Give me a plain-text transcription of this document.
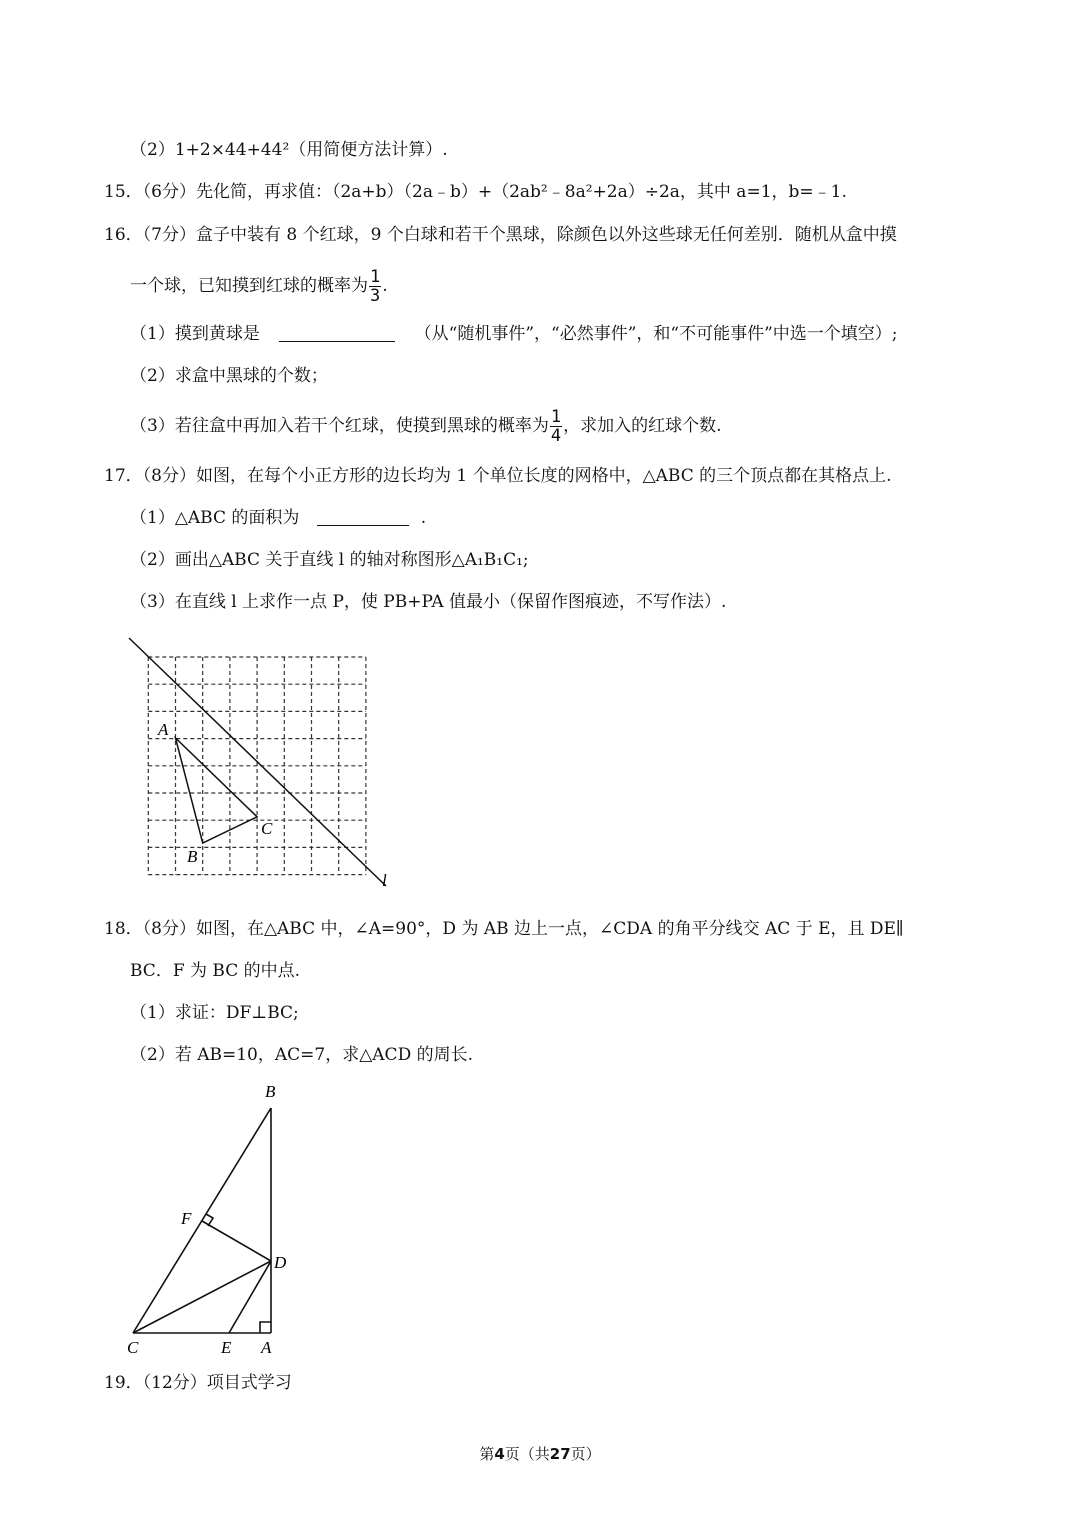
（2）1+2×44+44²（用简便方法计算）.
15．（6分）先化简，再求值：（2a+b）（2a﹣b）+（2ab²﹣8a²+2a）÷2a，其中 a=1，b=﹣1.
16．（7分）盒子中装有 8 个红球，9 个白球和若干个黑球，除颜色以外这些球无任何差别．随机从盒中摸
一个球，已知摸到红球的概率为 $\frac{1}{3}$ .
（1）摸到黄球是	（从“随机事件”，“必然事件”，和“不可能事件”中选一个填空）;
（2）求盒中黑球的个数；
（3）若往盒中再加入若干个红球，使摸到黑球的概率为 $\frac{1}{4}$ ，求加入的红球个数.
17．（8分）如图，在每个小正方形的边长均为 1 个单位长度的网格中，△ABC 的三个顶点都在其格点上.
（1）△ABC 的面积为	.
（2）画出△ABC 关于直线 l 的轴对称图形△A₁B₁C₁;
（3）在直线 l 上求作一点 P，使 PB+PA 值最小（保留作图痕迹，不写作法）.
A
B
C
l
18．（8分）如图，在△ABC 中，∠A=90°，D 为 AB 边上一点，∠CDA 的角平分线交 AC 于 E，且 DE∥
BC．F 为 BC 的中点.
（1）求证：DF⊥BC;
（2）若 AB=10，AC=7，求△ACD 的周长.
B
F
D
C	E A
19．（12分）项目式学习
第4页（共27页）
